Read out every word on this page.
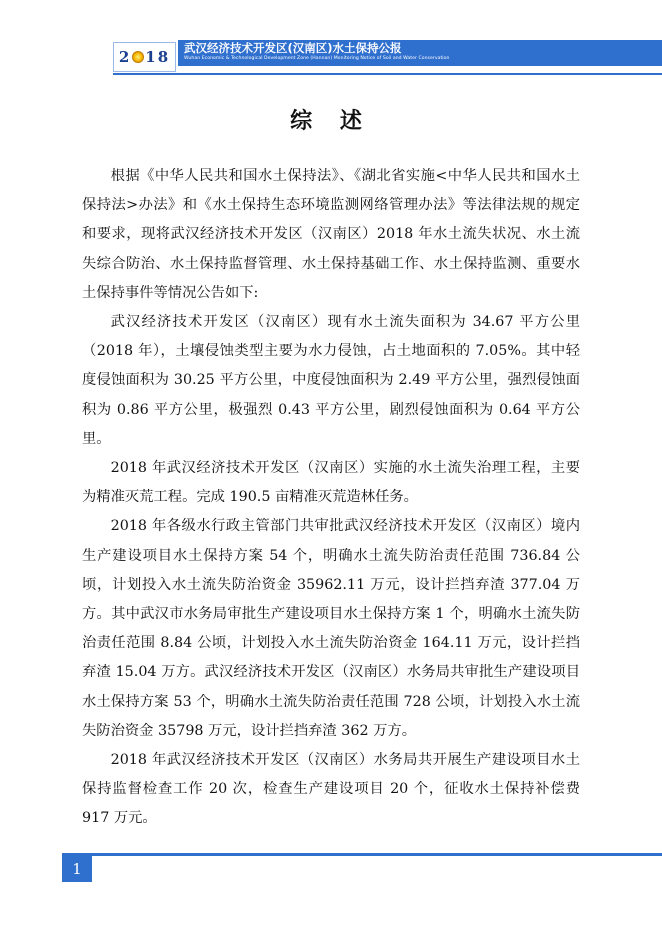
2 18 武汉经济技术开发区(汉南区)水土保持公报
Wuhan Economic & Technological Development Zone (Hannan) Monitoring Notice of Soil and Water Conservation
综 述

根据《中华人民共和国水土保持法》、《湖北省实施<中华人民共和国水土保持法>办法》和《水土保持生态环境监测网络管理办法》等法律法规的规定和要求，现将武汉经济技术开发区（汉南区）2018 年水土流失状况、水土流失综合防治、水土保持监督管理、水土保持基础工作、水土保持监测、重要水土保持事件等情况公告如下:

武汉经济技术开发区（汉南区）现有水土流失面积为 34.67 平方公里（2018 年），土壤侵蚀类型主要为水力侵蚀，占土地面积的 7.05%。其中轻度侵蚀面积为 30.25 平方公里，中度侵蚀面积为 2.49 平方公里，强烈侵蚀面积为 0.86 平方公里，极强烈 0.43 平方公里，剧烈侵蚀面积为 0.64 平方公里。

2018 年武汉经济技术开发区（汉南区）实施的水土流失治理工程，主要为精准灭荒工程。完成 190.5 亩精准灭荒造林任务。

2018 年各级水行政主管部门共审批武汉经济技术开发区（汉南区）境内生产建设项目水土保持方案 54 个，明确水土流失防治责任范围 736.84 公顷，计划投入水土流失防治资金 35962.11 万元，设计拦挡弃渣 377.04 万方。其中武汉市水务局审批生产建设项目水土保持方案 1 个，明确水土流失防治责任范围 8.84 公顷，计划投入水土流失防治资金 164.11 万元，设计拦挡弃渣 15.04 万方。武汉经济技术开发区（汉南区）水务局共审批生产建设项目水土保持方案 53 个，明确水土流失防治责任范围 728 公顷，计划投入水土流失防治资金 35798 万元，设计拦挡弃渣 362 万方。

2018 年武汉经济技术开发区（汉南区）水务局共开展生产建设项目水土保持监督检查工作 20 次，检查生产建设项目 20 个，征收水土保持补偿费 917 万元。

1
